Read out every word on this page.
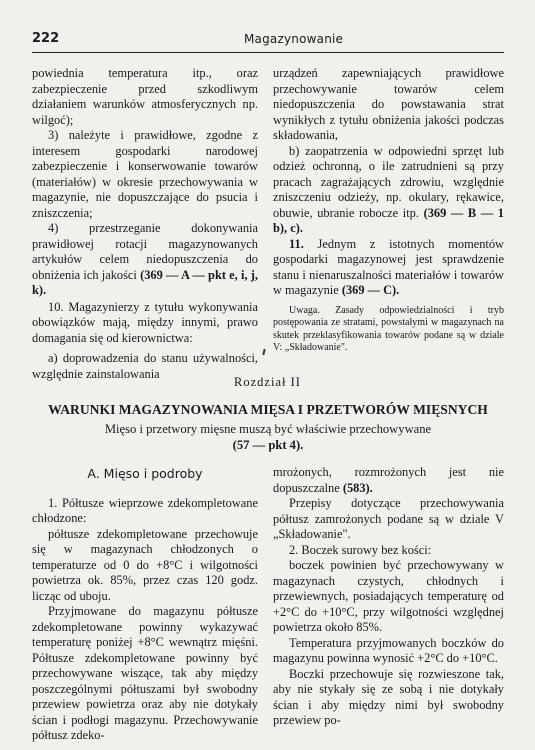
222	Magazynowanie

powiednia temperatura itp., oraz zabezpieczenie przed szkodliwym działaniem warunków atmosferycznych np. wilgoć);

3) należyte i prawidłowe, zgodne z interesem gospodarki narodowej zabezpieczenie i konserwowanie towarów (materiałów) w okresie przechowywania w magazynie, nie dopuszczające do psucia i zniszczenia;

4) przestrzeganie dokonywania prawidłowej rotacji magazynowanych artykułów celem niedopuszczenia do obniżenia ich jakości (369 — A — pkt e, i, j, k).

10. Magazynierzy z tytułu wykonywania obowiązków mają, między innymi, prawo domagania się od kierownictwa:

a) doprowadzenia do stanu używalności, względnie zainstalowania

urządzeń zapewniających prawidłowe przechowywanie towarów celem niedopuszczenia do powstawania strat wynikłych z tytułu obniżenia jakości podczas składowania,

b) zaopatrzenia w odpowiedni sprzęt lub odzież ochronną, o ile zatrudnieni są przy pracach zagrażających zdrowiu, względnie zniszczeniu odzieży, np. okulary, rękawice, obuwie, ubranie robocze itp. (369 — B — 1 b), c).

11. Jednym z istotnych momentów gospodarki magazynowej jest sprawdzenie stanu i nienaruszalności materiałów i towarów w magazynie (369 — C).

Uwaga. Zasady odpowiedzialności i tryb postępowania ze stratami, powstałymi w magazynach na skutek przeklasyfikowania towarów podane są w dziale V: „Składowanie".

Rozdział II
WARUNKI MAGAZYNOWANIA MIĘSA I PRZETWORÓW MIĘSNYCH
Mięso i przetwory mięsne muszą być właściwie przechowywane
(57 — pkt 4).
A. Mięso i podroby

1. Półtusze wieprzowe zdekompletowane chłodzone:

półtusze zdekompletowane przechowuje się w magazynach chłodzonych o temperaturze od 0 do +8°C i wilgotności powietrza ok. 85%, przez czas 120 godz. licząc od uboju.

Przyjmowane do magazynu półtusze zdekompletowane powinny wykazywać temperaturę poniżej +8°C wewnątrz mięśni. Półtusze zdekompletowane powinny być przechowywane wiszące, tak aby między poszczególnymi półtuszami był swobodny przewiew powietrza oraz aby nie dotykały ścian i podłogi magazynu. Przechowywanie półtusz zdeko-

mrożonych, rozmrożonych jest nie dopuszczalne (583).

Przepisy dotyczące przechowywania półtusz zamrożonych podane są w dziale V „Składowanie".

2. Boczek surowy bez kości:

boczek powinien być przechowywany w magazynach czystych, chłodnych i przewiewnych, posiadających temperaturę od +2°C do +10°C, przy wilgotności względnej powietrza około 85%.

Temperatura przyjmowanych boczków do magazynu powinna wynosić +2°C do +10°C.

Boczki przechowuje się rozwieszone tak, aby nie stykały się ze sobą i nie dotykały ścian i aby między nimi był swobodny przewiew po-
